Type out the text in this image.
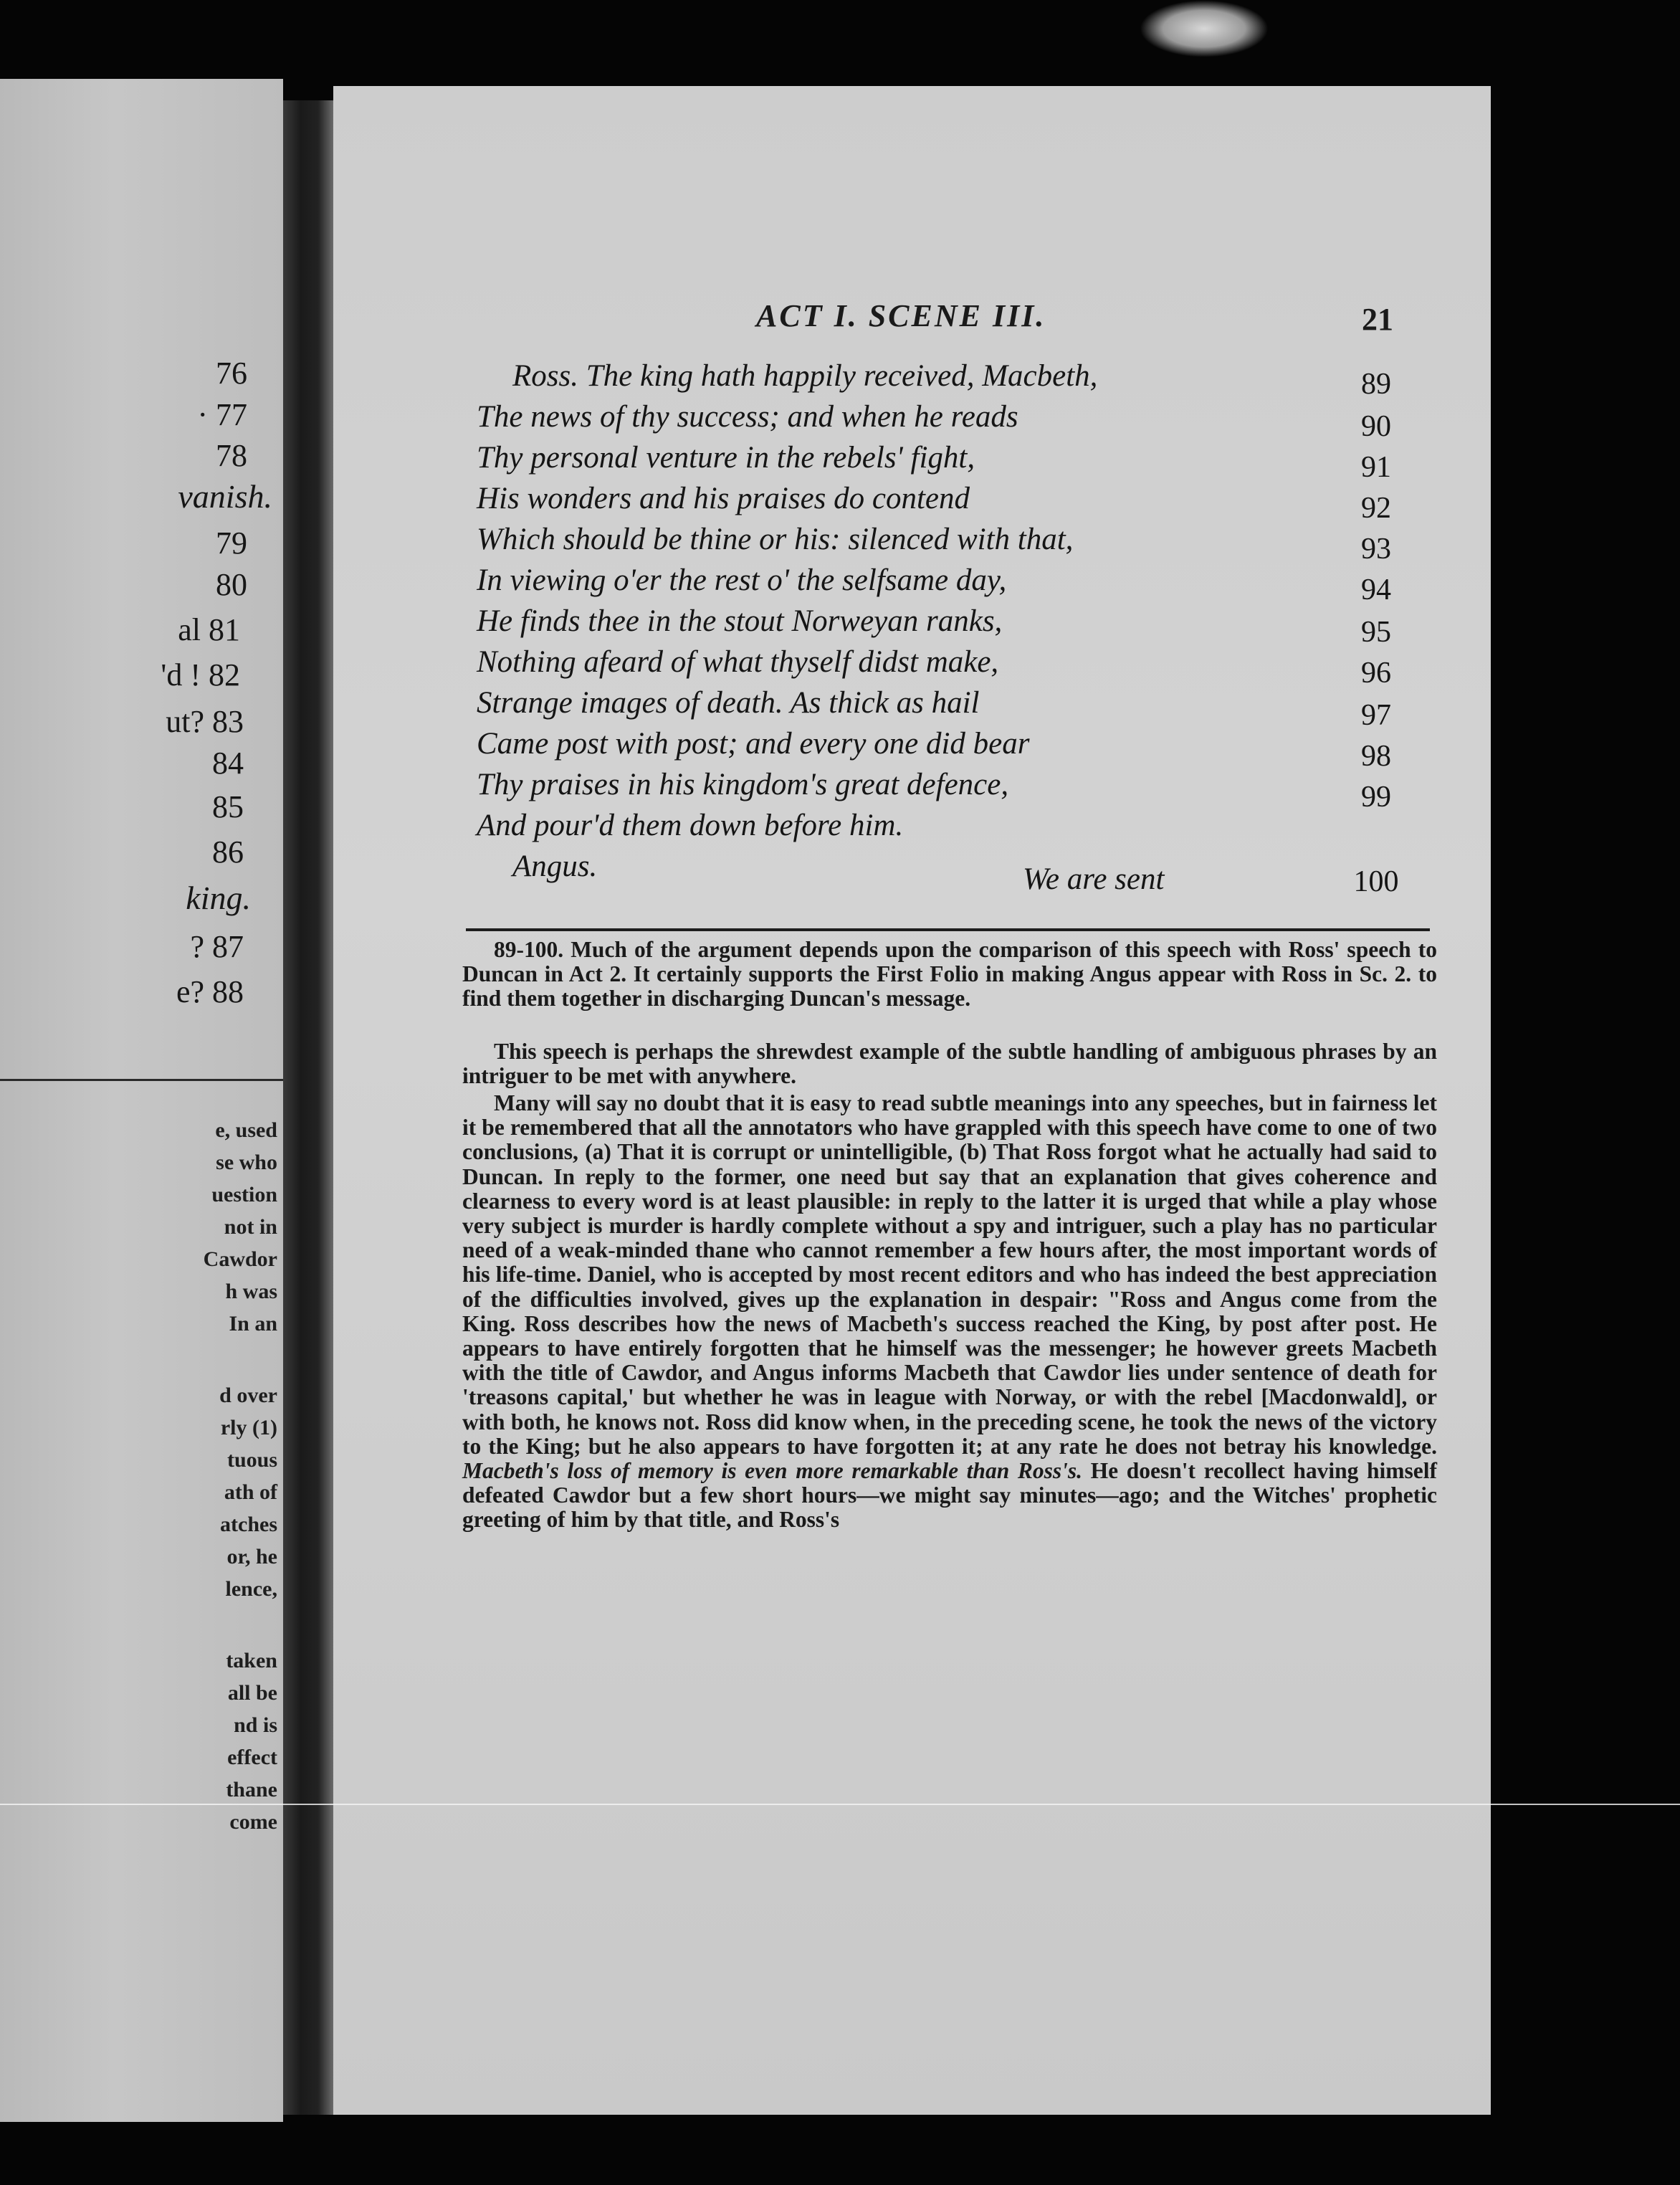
76
· 77
78
vanish.
79
80
al 81
'd ! 82
ut? 83
84
85
86
king.
? 87
e? 88
e, used
se who
uestion
not in
Cawdor
h was
In an
d over
rly (1)
tuous
ath of
atches
or, he
lence,
taken
all be
nd is
effect
thane
come
ACT I. SCENE III.	21
Ross. The king hath happily received, Macbeth,	89
The news of thy success; and when he reads	90
Thy personal venture in the rebels' fight,	91
His wonders and his praises do contend	92
Which should be thine or his: silenced with that,	93
In viewing o'er the rest o' the selfsame day,	94
He finds thee in the stout Norweyan ranks,	95
Nothing afeard of what thyself didst make,	96
Strange images of death. As thick as hail	97
Came post with post; and every one did bear	98
Thy praises in his kingdom's great defence,	99
And pour'd them down before him.
Angus.	We are sent	100

89-100. Much of the argument depends upon the comparison of this speech with Ross' speech to Duncan in Act 2. It certainly supports the First Folio in making Angus appear with Ross in Sc. 2. to find them together in discharging Duncan's message.

This speech is perhaps the shrewdest example of the subtle handling of ambiguous phrases by an intriguer to be met with anywhere.

Many will say no doubt that it is easy to read subtle meanings into any speeches, but in fairness let it be remembered that all the annotators who have grappled with this speech have come to one of two conclusions, (a) That it is corrupt or unintelligible, (b) That Ross forgot what he actually had said to Duncan. In reply to the former, one need but say that an explanation that gives coherence and clearness to every word is at least plausible: in reply to the latter it is urged that while a play whose very subject is murder is hardly complete without a spy and intriguer, such a play has no particular need of a weak-minded thane who cannot remember a few hours after, the most important words of his life-time. Daniel, who is accepted by most recent editors and who has indeed the best appreciation of the difficulties involved, gives up the explanation in despair: "Ross and Angus come from the King. Ross describes how the news of Macbeth's success reached the King, by post after post. He appears to have entirely forgotten that he himself was the messenger; he however greets Macbeth with the title of Cawdor, and Angus informs Macbeth that Cawdor lies under sentence of death for 'treasons capital,' but whether he was in league with Norway, or with the rebel [Macdonwald], or with both, he knows not. Ross did know when, in the preceding scene, he took the news of the victory to the King; but he also appears to have forgotten it; at any rate he does not betray his knowledge. Macbeth's loss of memory is even more remarkable than Ross's. He doesn't recollect having himself defeated Cawdor but a few short hours—we might say minutes—ago; and the Witches' prophetic greeting of him by that title, and Ross's
